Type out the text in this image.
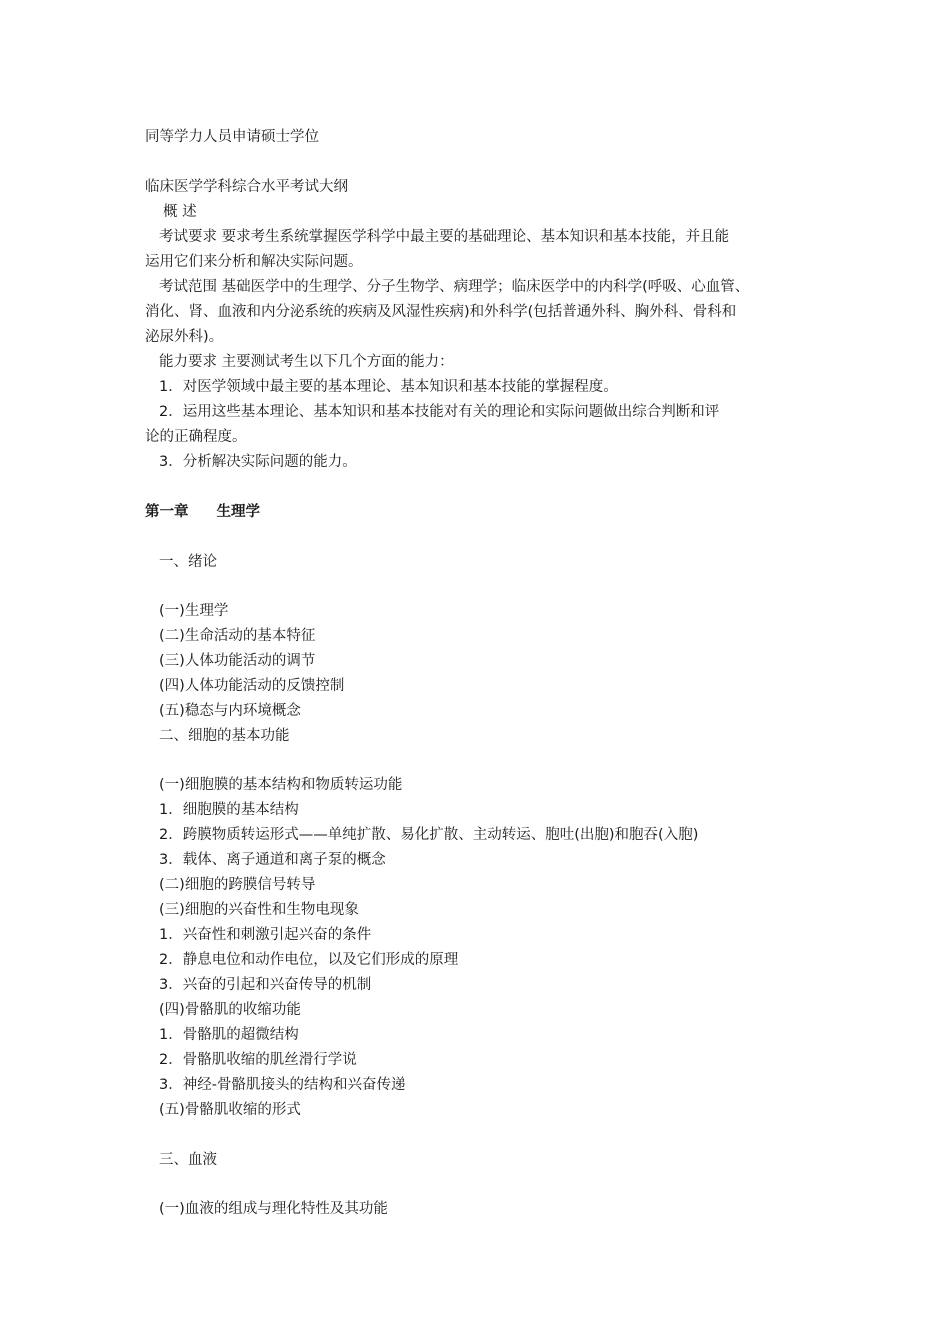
同等学力人员申请硕士学位
临床医学学科综合水平考试大纲
概 述
考试要求 要求考生系统掌握医学科学中最主要的基础理论、基本知识和基本技能，并且能
运用它们来分析和解决实际问题。
考试范围 基础医学中的生理学、分子生物学、病理学；临床医学中的内科学(呼吸、心血管、
消化、肾、血液和内分泌系统的疾病及风湿性疾病)和外科学(包括普通外科、胸外科、骨科和
泌尿外科)。
能力要求 主要测试考生以下几个方面的能力：
1．对医学领域中最主要的基本理论、基本知识和基本技能的掌握程度。
2．运用这些基本理论、基本知识和基本技能对有关的理论和实际问题做出综合判断和评
论的正确程度。
3．分析解决实际问题的能力。
第一章 生理学
一、绪论
(一)生理学
(二)生命活动的基本特征
(三)人体功能活动的调节
(四)人体功能活动的反馈控制
(五)稳态与内环境概念
二、细胞的基本功能
(一)细胞膜的基本结构和物质转运功能
1．细胞膜的基本结构
2．跨膜物质转运形式——单纯扩散、易化扩散、主动转运、胞吐(出胞)和胞吞(入胞)
3．载体、离子通道和离子泵的概念
(二)细胞的跨膜信号转导
(三)细胞的兴奋性和生物电现象
1．兴奋性和刺激引起兴奋的条件
2．静息电位和动作电位，以及它们形成的原理
3．兴奋的引起和兴奋传导的机制
(四)骨骼肌的收缩功能
1．骨骼肌的超微结构
2．骨骼肌收缩的肌丝滑行学说
3．神经-骨骼肌接头的结构和兴奋传递
(五)骨骼肌收缩的形式
三、血液
(一)血液的组成与理化特性及其功能
